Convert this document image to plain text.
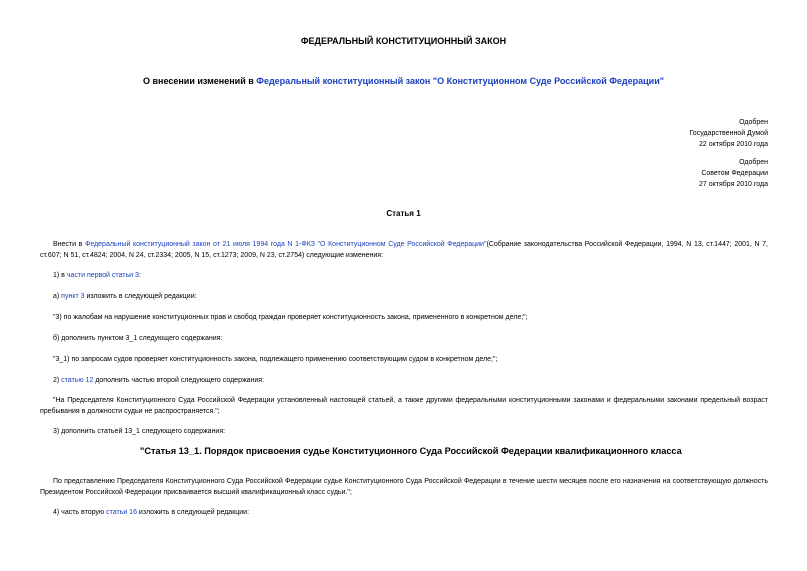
ФЕДЕРАЛЬНЫЙ КОНСТИТУЦИОННЫЙ ЗАКОН
О внесении изменений в Федеральный конституционный закон "О Конституционном Суде Российской Федерации"
Одобрен
Государственной Думой
22 октября 2010 года
Одобрен
Советом Федерации
27 октября 2010 года
Статья 1
Внести в Федеральный конституционный закон от 21 июля 1994 года N 1-ФКЗ "О Конституционном Суде Российской Федерации"(Собрание законодательства Российской Федерации, 1994, N 13, ст.1447; 2001, N 7, ст.607; N 51, ст.4824; 2004, N 24, ст.2334; 2005, N 15, ст.1273; 2009, N 23, ст.2754) следующие изменения:
1) в части первой статьи 3:
а) пункт 3 изложить в следующей редакции:
"3) по жалобам на нарушение конституционных прав и свобод граждан проверяет конституционность закона, примененного в конкретном деле;";
б) дополнить пунктом 3_1 следующего содержания:
"3_1) по запросам судов проверяет конституционность закона, подлежащего применению соответствующим судом в конкретном деле;";
2) статью 12 дополнить частью второй следующего содержания:
"На Председателя Конституционного Суда Российской Федерации установленный настоящей статьей, а также другими федеральными конституционными законами и федеральными законами предельный возраст пребывания в должности судьи не распространяется.";
3) дополнить статьей 13_1 следующего содержания:
"Статья 13_1. Порядок присвоения судье Конституционного Суда Российской Федерации квалификационного класса
По представлению Председателя Конституционного Суда Российской Федерации судье Конституционного Суда Российской Федерации в течение шести месяцев после его назначения на соответствующую должность Президентом Российской Федерации присваивается высший квалификационный класс судьи.";
4) часть вторую статьи 16 изложить в следующей редакции:
